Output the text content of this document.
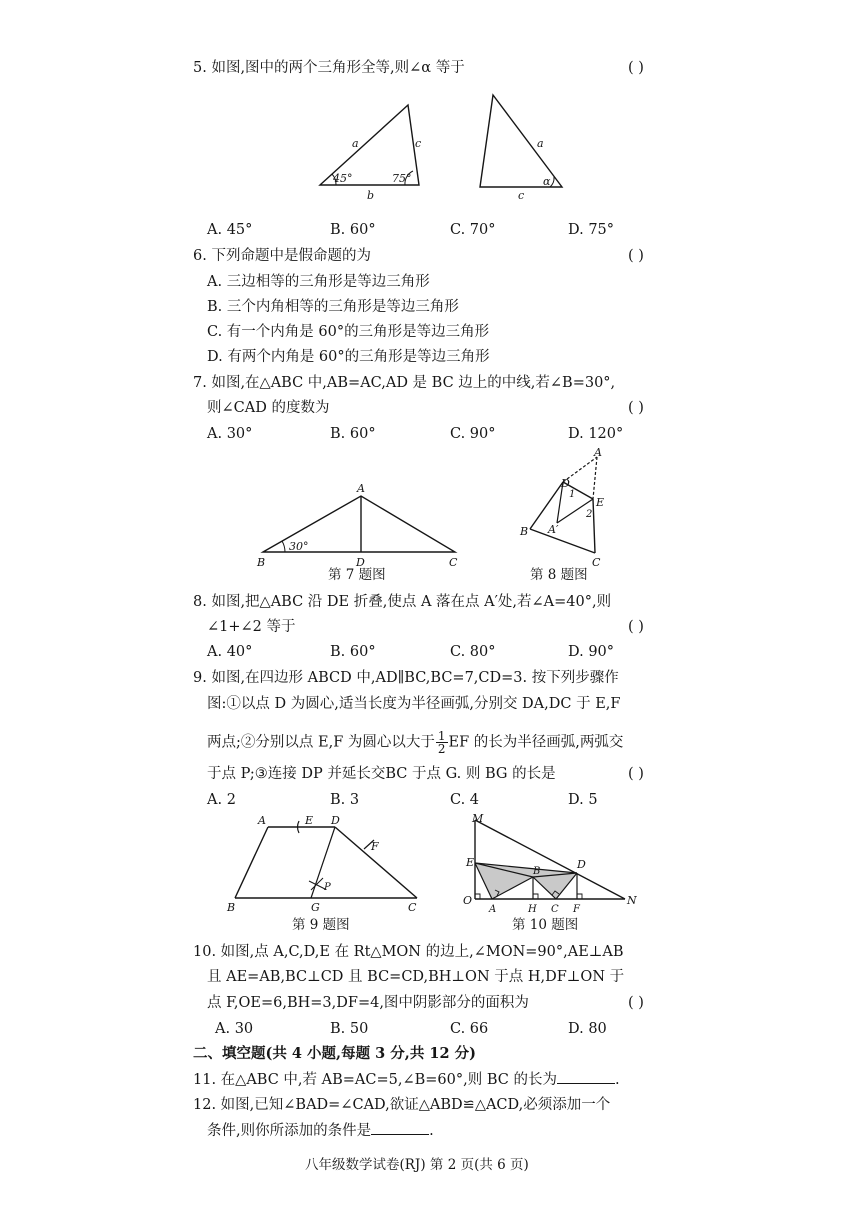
5. 如图,图中的两个三角形全等,则∠α 等于	( )
a	c
b
45°	75°
a
c
α
A. 45°	B. 60°	C. 70°	D. 75°
6. 下列命题中是假命题的为	( )
A. 三边相等的三角形是等边三角形
B. 三个内角相等的三角形是等边三角形
C. 有一个内角是 60°的三角形是等边三角形
D. 有两个内角是 60°的三角形是等边三角形
7. 如图,在△ABC 中,AB=AC,AD 是 BC 边上的中线,若∠B=30°,
则∠CAD 的度数为	( )
A. 30°	B. 60°	C. 90°	D. 120°
A
B	C
D
30°
第 7 题图
A
D
E
1
2
A′
B
C
第 8 题图
8. 如图,把△ABC 沿 DE 折叠,使点 A 落在点 A′处,若∠A=40°,则
∠1+∠2 等于	( )
A. 40°	B. 60°	C. 80°	D. 90°
9. 如图,在四边形 ABCD 中,AD∥BC,BC=7,CD=3. 按下列步骤作
图:①以点 D 为圆心,适当长度为半径画弧,分别交 DA,DC 于 E,F
两点;②分别以点 E,F 为圆心以大于 $\frac{1}{2}$ EF 的长为半径画弧,两弧交
于点 P;③连接 DP 并延长交BC 于点 G. 则 BG 的长是	( )
A. 2	B. 3	C. 4	D. 5
A	E D
F
P
G
B	C
第 9 题图
M
E
O
A
B
H C
D
F
N
第 10 题图
10. 如图,点 A,C,D,E 在 Rt△MON 的边上,∠MON=90°,AE⊥AB
且 AE=AB,BC⊥CD 且 BC=CD,BH⊥ON 于点 H,DF⊥ON 于
点 F,OE=6,BH=3,DF=4,图中阴影部分的面积为	( )
A. 30	B. 50	C. 66	D. 80
二、填空题(共 4 小题,每题 3 分,共 12 分)
11. 在△ABC 中,若 AB=AC=5,∠B=60°,则 BC 的长为	.
12. 如图,已知∠BAD=∠CAD,欲证△ABD≌△ACD,必须添加一个
条件,则你所添加的条件是	.
八年级数学试卷(RJ) 第 2 页(共 6 页)
